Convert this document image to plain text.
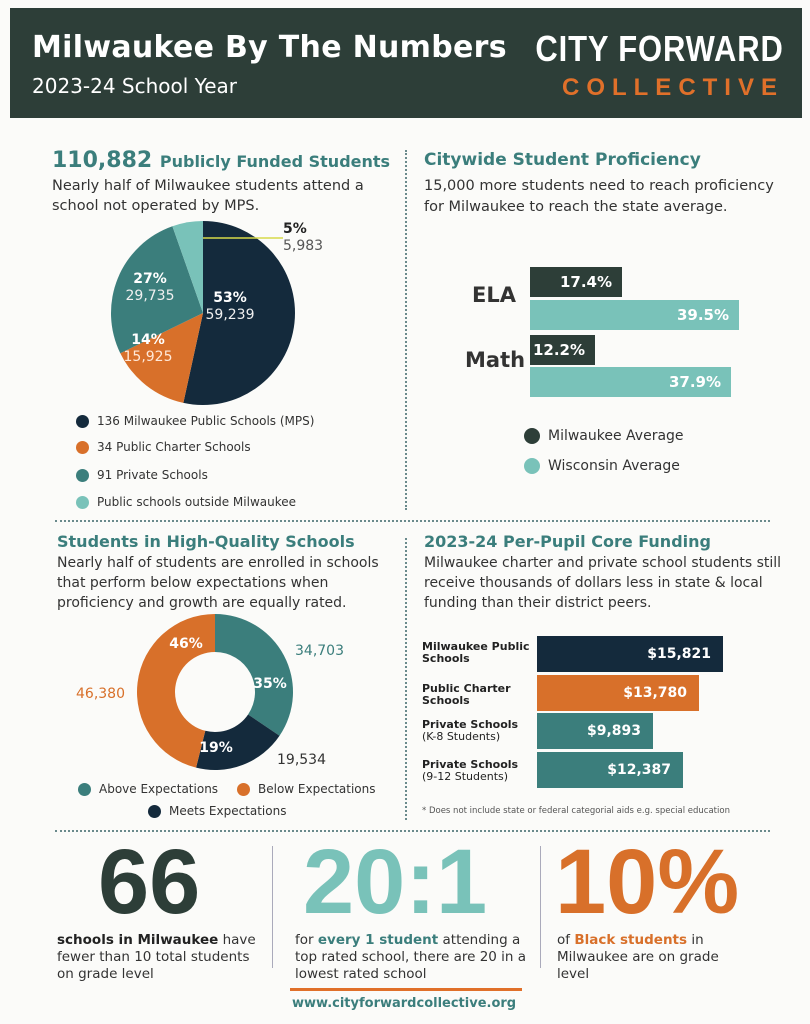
Milwaukee By The Numbers
2023-24 School Year
CITY FORWARD
COLLECTIVE
110,882 Publicly Funded Students
Nearly half of Milwaukee students attend a school not operated by MPS.
53%
59,239
14%
15,925
27%
29,735
5%
5,983
136 Milwaukee Public Schools (MPS)
34 Public Charter Schools
91 Private Schools
Public schools outside Milwaukee
Citywide Student Proficiency
15,000 more students need to reach proficiency for Milwaukee to reach the state average.
ELA
Math
17.4%
39.5%
12.2%
37.9%
Milwaukee Average
Wisconsin Average
Students in High-Quality Schools
Nearly half of students are enrolled in schools that perform below expectations when proficiency and growth are equally rated.
35%
19%
46%	34,703
19,534
46,380
Above Expectations	Below Expectations
Meets Expectations
2023-24 Per-Pupil Core Funding
Milwaukee charter and private school students still receive thousands of dollars less in state & local funding than their district peers.
Milwaukee Public Schools
Public Charter Schools
Private Schools
(K-8 Students)
Private Schools
(9-12 Students)
$15,821
$13,780
$9,893
$12,387
* Does not include state or federal categorial aids e.g. special education
66
schools in Milwaukee have fewer than 10 total students on grade level
20:1
for every 1 student attending a top rated school, there are 20 in a lowest rated school
10%
of Black students in Milwaukee are on grade level
www.cityforwardcollective.org
